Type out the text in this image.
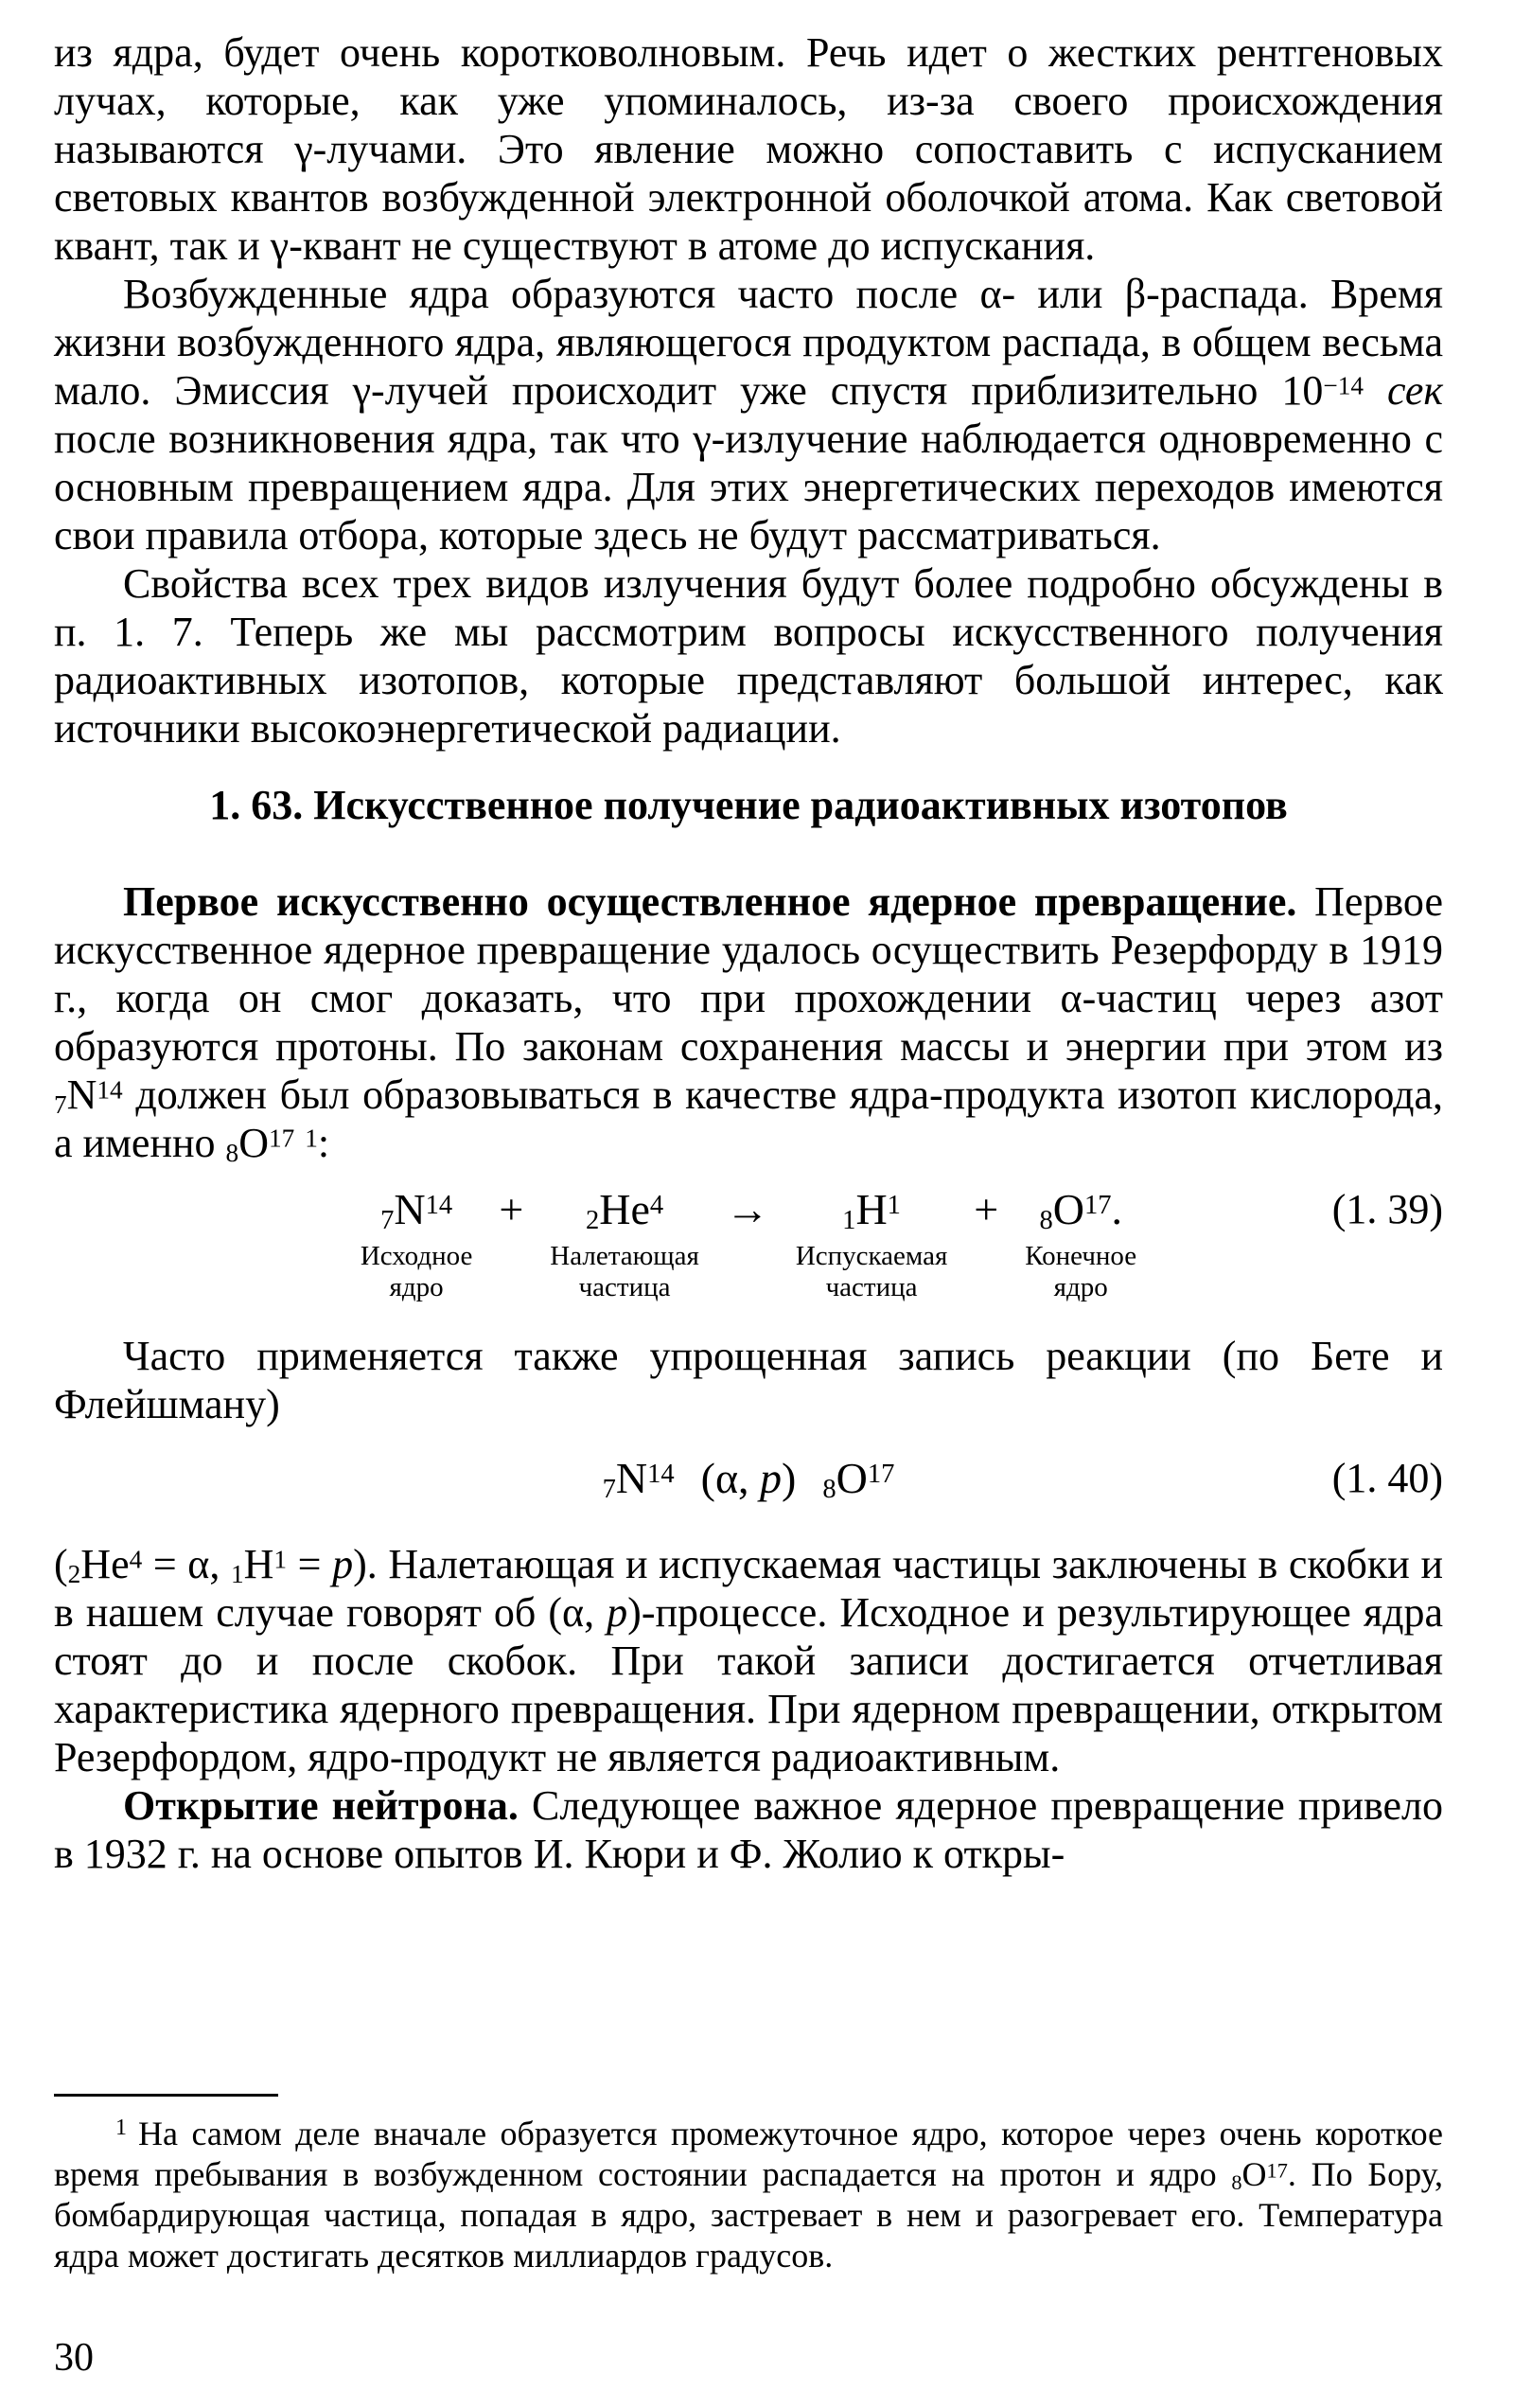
из ядра, будет очень коротковолновым. Речь идет о жестких рентгеновых лучах, которые, как уже упоминалось, из-за своего происхождения называются γ-лучами. Это явление можно сопоставить с испусканием световых квантов возбужденной электронной оболочкой атома. Как световой квант, так и γ-квант не существуют в атоме до испускания.

Возбужденные ядра образуются часто после α- или β-распада. Время жизни возбужденного ядра, являющегося продуктом распада, в общем весьма мало. Эмиссия γ-лучей происходит уже спустя приблизительно $10^{-14}$ сек после возникновения ядра, так что γ-излучение наблюдается одновременно с основным превращением ядра. Для этих энергетических переходов имеются свои правила отбора, которые здесь не будут рассматриваться.

Свойства всех трех видов излучения будут более подробно обсуждены в п. 1. 7. Теперь же мы рассмотрим вопросы искусственного получения радиоактивных изотопов, которые представляют большой интерес, как источники высокоэнергетической радиации.

1. 63. Искусственное получение радиоактивных изотопов

Первое искусственно осуществленное ядерное превращение. Первое искусственное ядерное превращение удалось осуществить Резерфорду в 1919 г., когда он смог доказать, что при прохождении α-частиц через азот образуются протоны. По законам сохранения массы и энергии при этом из $7N^{14}$ должен был образовываться в качестве ядра-продукта изотоп кислорода, а именно $8O^{17}$ $^1$:

$7N^{14}$
Исходное
ядро
+	$2He^4$
Налетающая
частица
→	$1H^1$
Испускаемая
частица
+	$8O^{17}$.
Конечное
ядро
(1. 39)

Часто применяется также упрощенная запись реакции (по Бете и Флейшману)

$7N^{14}$ (α, p) $8O^{17}$	(1. 40)

($2He^4 = \alpha$, $1H^1 = p$). Налетающая и испускаемая частицы заключены в скобки и в нашем случае говорят об (α, p)-процессе. Исходное и результирующее ядра стоят до и после скобок. При такой записи достигается отчетливая характеристика ядерного превращения. При ядерном превращении, открытом Резерфордом, ядро-продукт не является радиоактивным.

Открытие нейтрона. Следующее важное ядерное превращение привело в 1932 г. на основе опытов И. Кюри и Ф. Жолио к откры-

$^1$ На самом деле вначале образуется промежуточное ядро, которое через очень короткое время пребывания в возбужденном состоянии распадается на протон и ядро $8O^{17}$. По Бору, бомбардирующая частица, попадая в ядро, застревает в нем и разогревает его. Температура ядра может достигать десятков миллиардов градусов.

30
